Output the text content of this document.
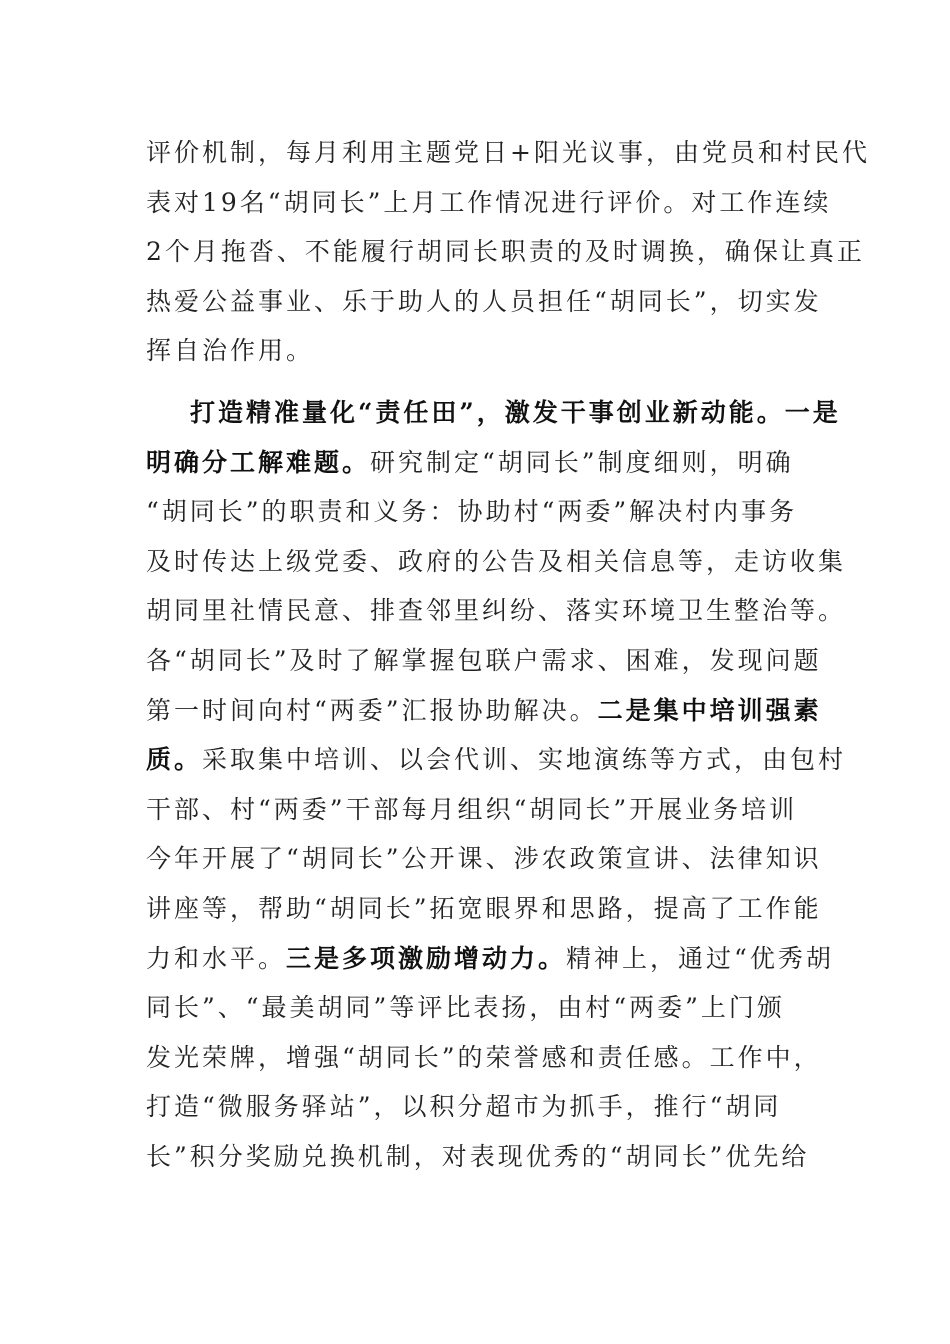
评价机制，每月利用主题党日+阳光议事，由党员和村民代
表对19名“胡同长”上月工作情况进行评价。对工作连续
2个月拖沓、不能履行胡同长职责的及时调换，确保让真正
热爱公益事业、乐于助人的人员担任“胡同长”，切实发
挥自治作用。
打造精准量化“责任田”，激发干事创业新动能。一是
明确分工解难题。研究制定“胡同长”制度细则，明确
“胡同长”的职责和义务：协助村“两委”解决村内事务
及时传达上级党委、政府的公告及相关信息等，走访收集
胡同里社情民意、排查邻里纠纷、落实环境卫生整治等。
各“胡同长”及时了解掌握包联户需求、困难，发现问题
第一时间向村“两委”汇报协助解决。二是集中培训强素
质。采取集中培训、以会代训、实地演练等方式，由包村
干部、村“两委”干部每月组织“胡同长”开展业务培训
今年开展了“胡同长”公开课、涉农政策宣讲、法律知识
讲座等，帮助“胡同长”拓宽眼界和思路，提高了工作能
力和水平。三是多项激励增动力。精神上，通过“优秀胡
同长”、“最美胡同”等评比表扬，由村“两委”上门颁
发光荣牌，增强“胡同长”的荣誉感和责任感。工作中，
打造“微服务驿站”，以积分超市为抓手，推行“胡同
长”积分奖励兑换机制，对表现优秀的“胡同长”优先给
